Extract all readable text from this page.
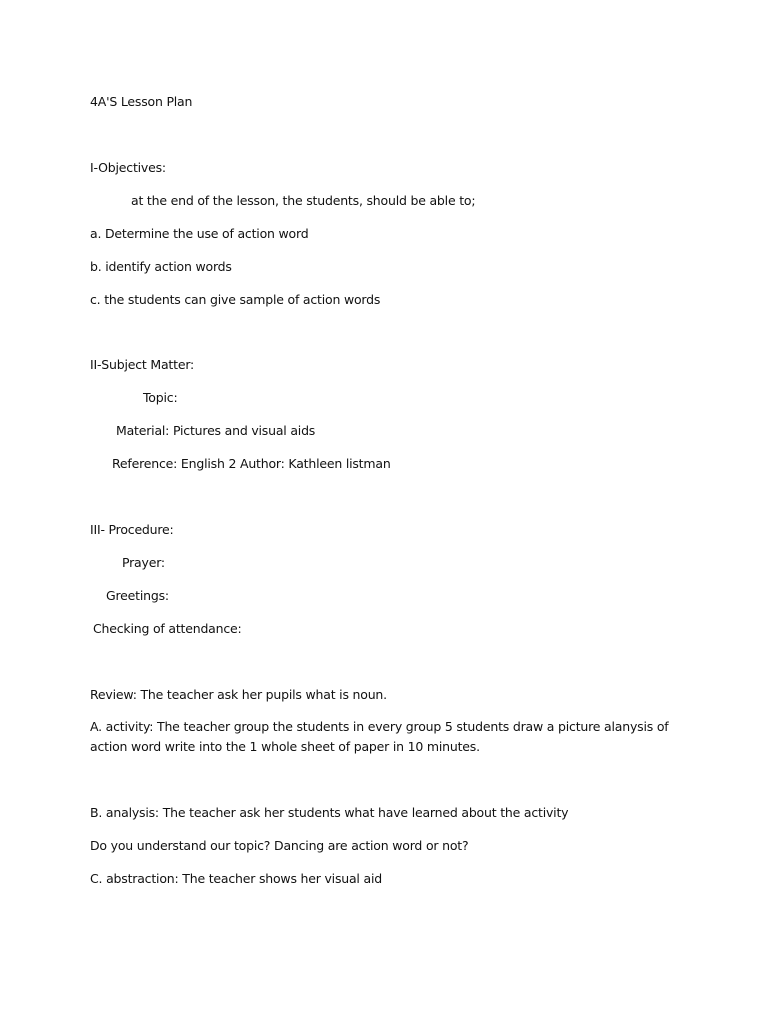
4A'S Lesson Plan
I-Objectives:
at the end of the lesson, the students, should be able to;
a. Determine the use of action word
b. identify action words
c. the students can give sample of action words
II-Subject Matter:
Topic:
Material: Pictures and visual aids
Reference: English 2 Author: Kathleen listman
III- Procedure:
Prayer:
Greetings:
Checking of attendance:
Review: The teacher ask her pupils what is noun.
A. activity: The teacher group the students in every group 5 students draw a picture alanysis of action word write into the 1 whole sheet of paper in 10 minutes.
B. analysis: The teacher ask her students what have learned about the activity
Do you understand our topic? Dancing are action word or not?
C. abstraction: The teacher shows her visual aid
